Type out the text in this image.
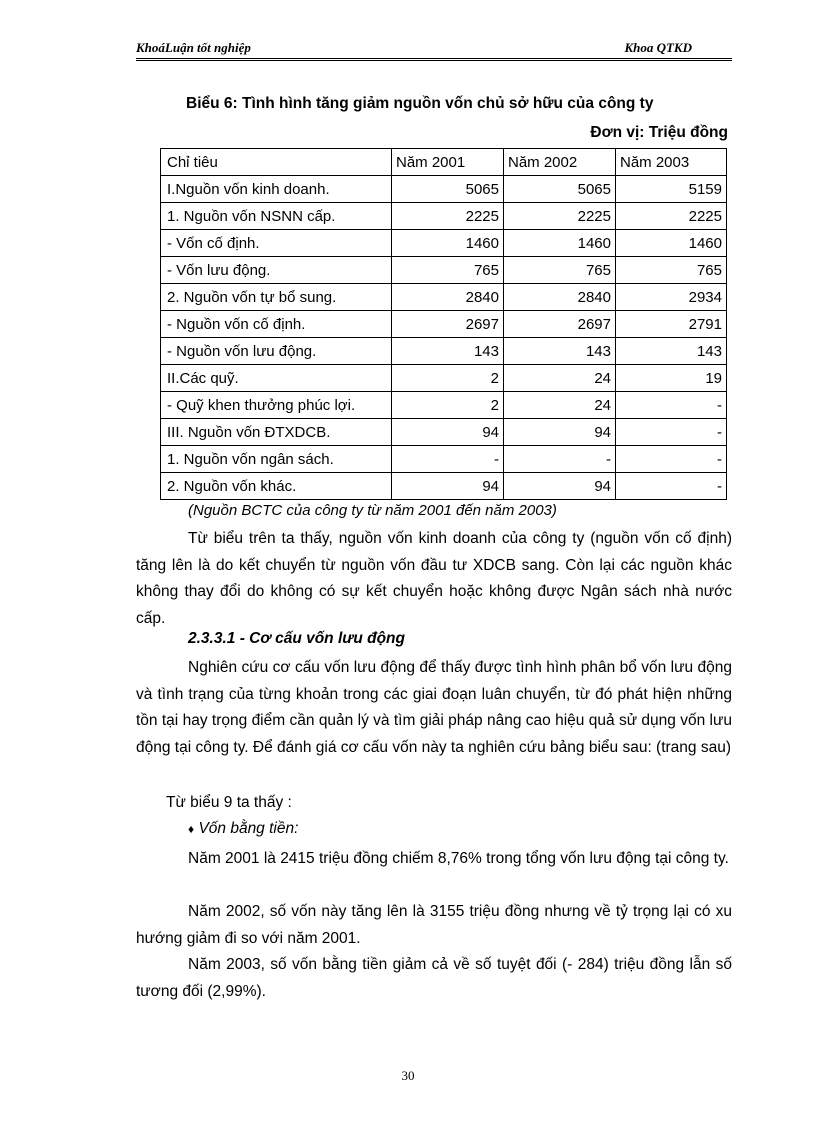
KhoáLuận tốt nghiệp	Khoa QTKD
Biểu 6: Tình hình tăng giảm nguồn vốn chủ sở hữu của công ty
Đơn vị: Triệu đồng
Chỉ tiêu	Năm 2001	Năm 2002	Năm 2003
I.Nguồn vốn kinh doanh.	5065	5065	5159
1. Nguồn vốn NSNN cấp.	2225	2225	2225
- Vốn cố định.	1460	1460	1460
- Vốn lưu động.	765	765	765
2. Nguồn vốn tự bổ sung.	2840	2840	2934
- Nguồn vốn cố định.	2697	2697	2791
- Nguồn vốn lưu động.	143	143	143
II.Các quỹ.	2	24	19
- Quỹ khen thưởng phúc lợi.	2	24	-
III. Nguồn vốn ĐTXDCB.	94	94	-
1. Nguồn vốn ngân sách.	-	-	-
2. Nguồn vốn khác.	94	94	-
(Nguồn BCTC của công ty từ năm 2001 đến năm 2003)
Từ biểu trên ta thấy, nguồn vốn kinh doanh của công ty (nguồn vốn cố định) tăng lên là do kết chuyển từ nguồn vốn đầu tư XDCB sang. Còn lại các nguồn khác không thay đổi do không có sự kết chuyển hoặc không được Ngân sách nhà nước cấp.
2.3.3.1 - Cơ cấu vốn lưu động
Nghiên cứu cơ cấu vốn lưu động để thấy được tình hình phân bổ vốn lưu động và tình trạng của từng khoản trong các giai đoạn luân chuyển, từ đó phát hiện những tồn tại hay trọng điểm cần quản lý và tìm giải pháp nâng cao hiệu quả sử dụng vốn lưu động tại công ty. Để đánh giá cơ cấu vốn này ta nghiên cứu bảng biểu sau: (trang sau)
Từ biểu 9 ta thấy :
♦ Vốn bằng tiền:
Năm 2001 là 2415 triệu đồng chiếm 8,76% trong tổng vốn lưu động tại công ty.
Năm 2002, số vốn này tăng lên là 3155 triệu đồng nhưng về tỷ trọng lại có xu hướng giảm đi so với năm 2001.
Năm 2003, số vốn bằng tiền giảm cả về số tuyệt đối (- 284) triệu đồng lẫn số tương đối (2,99%).
30
